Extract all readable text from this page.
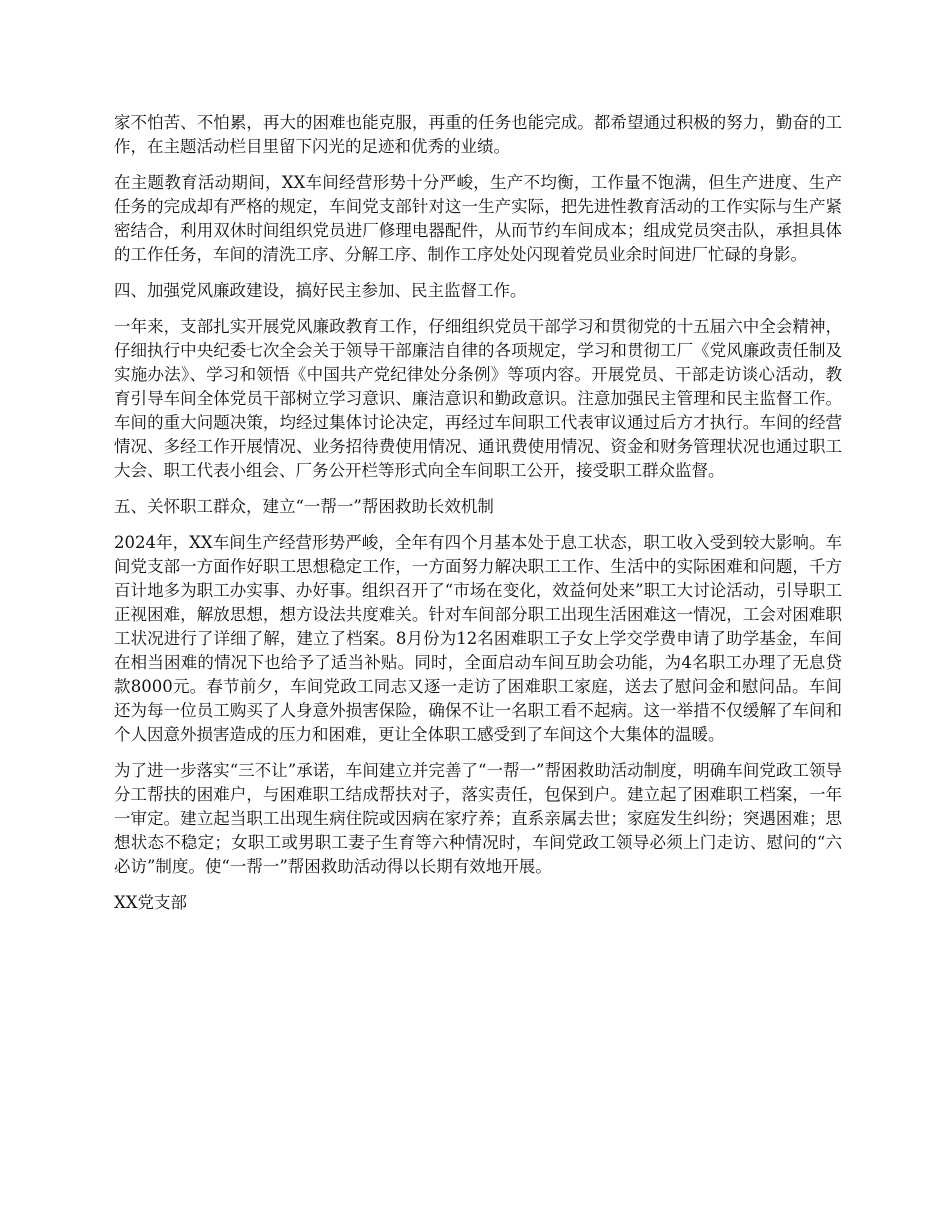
家不怕苦、不怕累，再大的困难也能克服，再重的任务也能完成。都希望通过积极的努力，勤奋的工作，在主题活动栏目里留下闪光的足迹和优秀的业绩。

在主题教育活动期间，XX车间经营形势十分严峻，生产不均衡，工作量不饱满，但生产进度、生产任务的完成却有严格的规定，车间党支部针对这一生产实际，把先进性教育活动的工作实际与生产紧密结合，利用双休时间组织党员进厂修理电器配件，从而节约车间成本；组成党员突击队，承担具体的工作任务，车间的清洗工序、分解工序、制作工序处处闪现着党员业余时间进厂忙碌的身影。

四、加强党风廉政建设，搞好民主参加、民主监督工作。

一年来，支部扎实开展党风廉政教育工作，仔细组织党员干部学习和贯彻党的十五届六中全会精神，仔细执行中央纪委七次全会关于领导干部廉洁自律的各项规定，学习和贯彻工厂《党风廉政责任制及实施办法》、学习和领悟《中国共产党纪律处分条例》等项内容。开展党员、干部走访谈心活动，教育引导车间全体党员干部树立学习意识、廉洁意识和勤政意识。注意加强民主管理和民主监督工作。车间的重大问题决策，均经过集体讨论决定，再经过车间职工代表审议通过后方才执行。车间的经营情况、多经工作开展情况、业务招待费使用情况、通讯费使用情况、资金和财务管理状况也通过职工大会、职工代表小组会、厂务公开栏等形式向全车间职工公开，接受职工群众监督。

五、关怀职工群众，建立“一帮一”帮困救助长效机制

2024年，XX车间生产经营形势严峻，全年有四个月基本处于息工状态，职工收入受到较大影响。车间党支部一方面作好职工思想稳定工作，一方面努力解决职工工作、生活中的实际困难和问题，千方百计地多为职工办实事、办好事。组织召开了“市场在变化，效益何处来”职工大讨论活动，引导职工正视困难，解放思想，想方设法共度难关。针对车间部分职工出现生活困难这一情况，工会对困难职工状况进行了详细了解，建立了档案。8月份为12名困难职工子女上学交学费申请了助学基金，车间在相当困难的情况下也给予了适当补贴。同时，全面启动车间互助会功能，为4名职工办理了无息贷款8000元。春节前夕，车间党政工同志又逐一走访了困难职工家庭，送去了慰问金和慰问品。车间还为每一位员工购买了人身意外损害保险，确保不让一名职工看不起病。这一举措不仅缓解了车间和个人因意外损害造成的压力和困难，更让全体职工感受到了车间这个大集体的温暖。

为了进一步落实“三不让”承诺，车间建立并完善了“一帮一”帮困救助活动制度，明确车间党政工领导分工帮扶的困难户，与困难职工结成帮扶对子，落实责任，包保到户。建立起了困难职工档案，一年一审定。建立起当职工出现生病住院或因病在家疗养；直系亲属去世；家庭发生纠纷；突遇困难；思想状态不稳定；女职工或男职工妻子生育等六种情况时，车间党政工领导必须上门走访、慰问的“六必访”制度。使“一帮一”帮困救助活动得以长期有效地开展。

XX党支部
